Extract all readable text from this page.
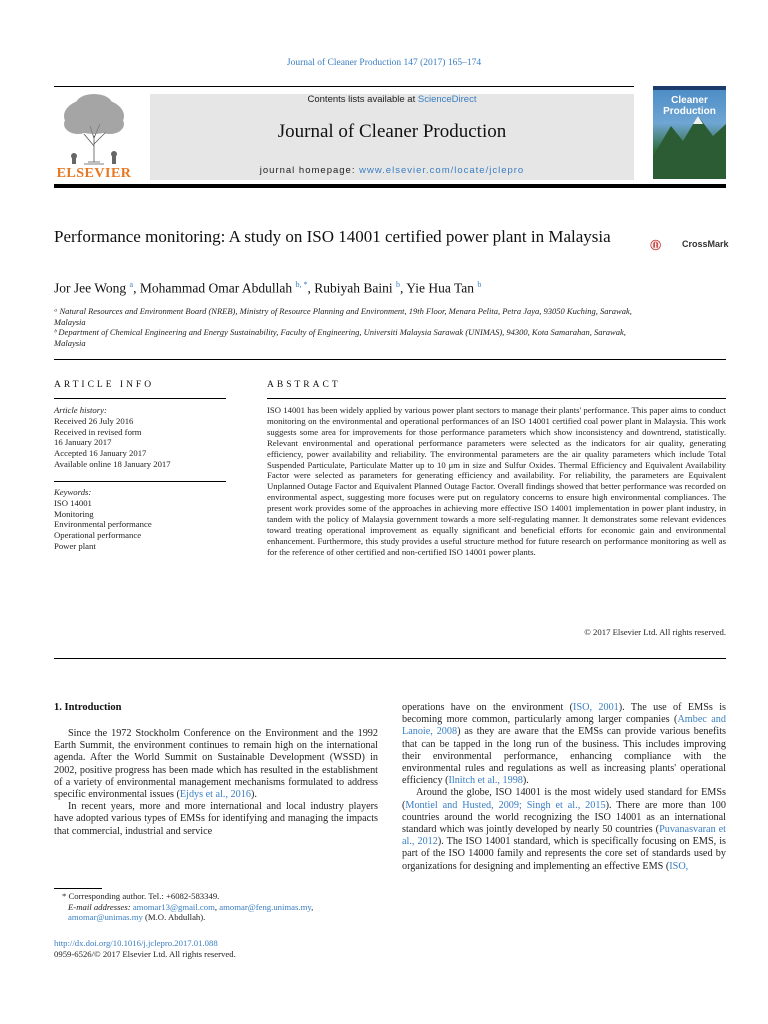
Journal of Cleaner Production 147 (2017) 165–174
ELSEVIER
Contents lists available at ScienceDirect
Journal of Cleaner Production
journal homepage: www.elsevier.com/locate/jclepro
Cleaner Production
Performance monitoring: A study on ISO 14001 certified power plant in Malaysia	CrossMark
Jor Jee Wong $^a$, Mohammad Omar Abdullah $^{b, *}$, Rubiyah Baini $^b$, Yie Hua Tan $^b$
ᵃ Natural Resources and Environment Board (NREB), Ministry of Resource Planning and Environment, 19th Floor, Menara Pelita, Petra Jaya, 93050 Kuching, Sarawak, Malaysia
ᵇ Department of Chemical Engineering and Energy Sustainability, Faculty of Engineering, Universiti Malaysia Sarawak (UNIMAS), 94300, Kota Samarahan, Sarawak, Malaysia
ARTICLE INFO
Article history:
Received 26 July 2016
Received in revised form
16 January 2017
Accepted 16 January 2017
Available online 18 January 2017
Keywords:
ISO 14001
Monitoring
Environmental performance
Operational performance
Power plant
ABSTRACT
ISO 14001 has been widely applied by various power plant sectors to manage their plants' performance. This paper aims to conduct monitoring on the environmental and operational performances of an ISO 14001 certified coal power plant in Malaysia. This work suggests some area for improvements for those performance parameters which show inconsistency and downtrend, statistically. Relevant environmental and operational performance parameters were selected as the indicators for air quality, generating efficiency, power availability and reliability. The environmental parameters are the air quality parameters which include Total Suspended Particulate, Particulate Matter up to 10 μm in size and Sulfur Oxides. Thermal Efficiency and Equivalent Availability Factor were selected as parameters for generating efficiency and availability. For reliability, the parameters are Equivalent Unplanned Outage Factor and Equivalent Planned Outage Factor. Overall findings showed that better performance was recorded on environmental aspect, suggesting more focuses were put on regulatory concerns to ensure high environmental compliances. The present work provides some of the approaches in achieving more effective ISO 14001 implementation in power plant industry, in tandem with the policy of Malaysia government towards a more self-regulating manner. It demonstrates some relevant evidences toward treating operational improvement as equally significant and beneficial efforts for economic gain and environmental enhancement. Furthermore, this study provides a useful structure method for future research on performance monitoring as well as for the reference of other certified and non-certified ISO 14001 power plants.
© 2017 Elsevier Ltd. All rights reserved.
1. Introduction

Since the 1972 Stockholm Conference on the Environment and the 1992 Earth Summit, the environment continues to remain high on the international agenda. After the World Summit on Sustainable Development (WSSD) in 2002, positive progress has been made which has resulted in the establishment of a variety of environmental management mechanisms formulated to address specific environmental issues (Ejdys et al., 2016).

In recent years, more and more international and local industry players have adopted various types of EMSs for identifying and managing the impacts that commercial, industrial and service

operations have on the environment (ISO, 2001). The use of EMSs is becoming more common, particularly among larger companies (Ambec and Lanoie, 2008) as they are aware that the EMSs can provide various benefits that can be tapped in the long run of the business. This includes improving their environmental performance, enhancing compliance with the environmental rules and regulations as well as increasing plants' operational efficiency (Ilnitch et al., 1998).

Around the globe, ISO 14001 is the most widely used standard for EMSs (Montiel and Husted, 2009; Singh et al., 2015). There are more than 100 countries around the world recognizing the ISO 14001 as an international standard which was jointly developed by nearly 50 countries (Puvanasvaran et al., 2012). The ISO 14001 standard, which is specifically focusing on EMS, is part of the ISO 14000 family and represents the core set of standards used by organizations for designing and implementing an effective EMS (ISO,

* Corresponding author. Tel.: +6082-583349.
E-mail addresses: amomar13@gmail.com, amomar@feng.unimas.my, amomar@unimas.my (M.O. Abdullah).
http://dx.doi.org/10.1016/j.jclepro.2017.01.088
0959-6526/© 2017 Elsevier Ltd. All rights reserved.
